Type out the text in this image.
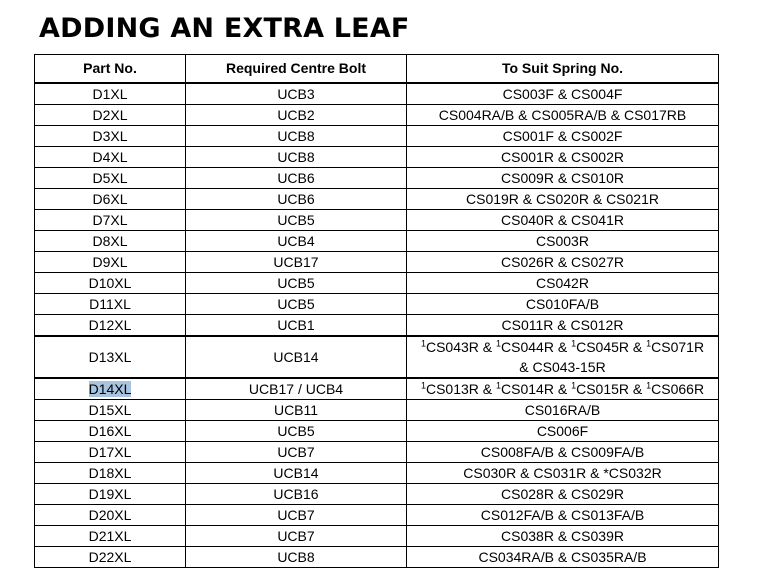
ADDING AN EXTRA LEAF
Part No.	Required Centre Bolt	To Suit Spring No.
D1XL	UCB3	CS003F & CS004F
D2XL	UCB2	CS004RA/B & CS005RA/B & CS017RB
D3XL	UCB8	CS001F & CS002F
D4XL	UCB8	CS001R & CS002R
D5XL	UCB6	CS009R & CS010R
D6XL	UCB6	CS019R & CS020R & CS021R
D7XL	UCB5	CS040R & CS041R
D8XL	UCB4	CS003R
D9XL	UCB17	CS026R & CS027R
D10XL	UCB5	CS042R
D11XL	UCB5	CS010FA/B
D12XL	UCB1	CS011R & CS012R
D13XL	UCB14	$^1$CS043R & $^1$CS044R & $^1$CS045R & $^1$CS071R
& CS043-15R

D14XL	UCB17 / UCB4	$^1$CS013R & $^1$CS014R & $^1$CS015R & $^1$CS066R
D15XL	UCB11	CS016RA/B
D16XL	UCB5	CS006F
D17XL	UCB7	CS008FA/B & CS009FA/B
D18XL	UCB14	CS030R & CS031R & *CS032R
D19XL	UCB16	CS028R & CS029R
D20XL	UCB7	CS012FA/B & CS013FA/B
D21XL	UCB7	CS038R & CS039R
D22XL	UCB8	CS034RA/B & CS035RA/B
